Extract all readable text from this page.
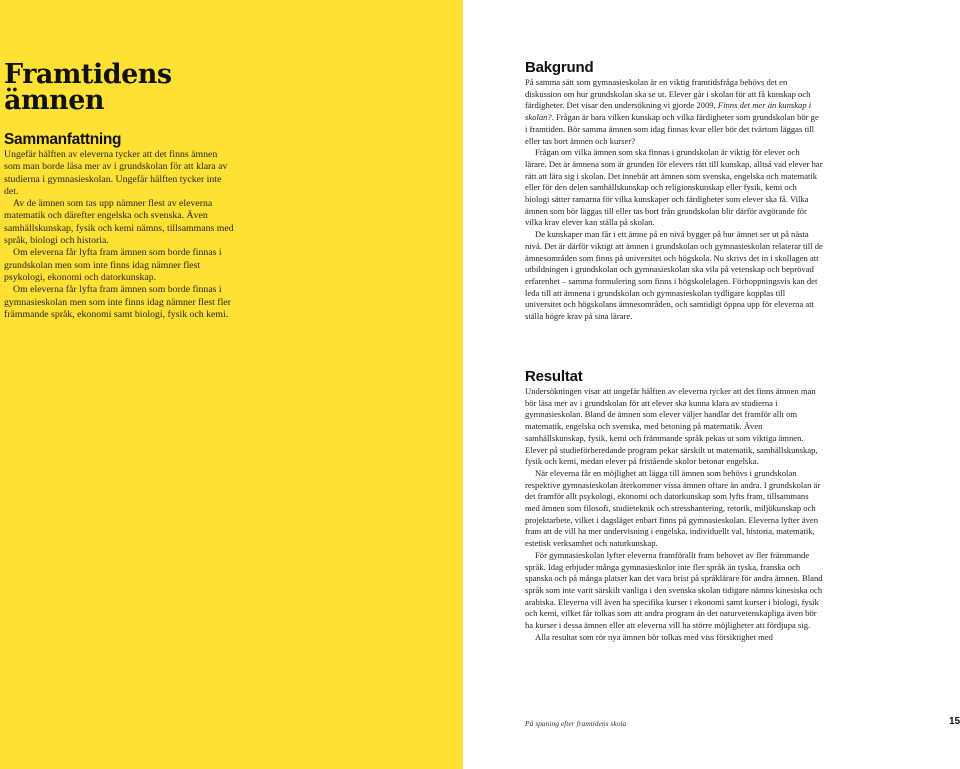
Framtidens ämnen
Sammanfattning

Ungefär hälften av eleverna tycker att det finns ämnen som man borde läsa mer av i grundskolan för att klara av studierna i gymnasieskolan. Ungefär hälften tycker inte det.

Av de ämnen som tas upp nämner flest av eleverna matematik och därefter engelska och svenska. Även samhällskunskap, fysik och kemi nämns, tillsammans med språk, biologi och historia.

Om eleverna får lyfta fram ämnen som borde finnas i grundskolan men som inte finns idag nämner flest psykologi, ekonomi och datorkunskap.

Om eleverna får lyfta fram ämnen som borde finnas i gymnasieskolan men som inte finns idag nämner flest fler främmande språk, ekonomi samt biologi, fysik och kemi.

Bakgrund

På samma sätt som gymnasieskolan är en viktig framtidsfråga behövs det en diskussion om hur grundskolan ska se ut. Elever går i skolan för att få kunskap och färdigheter. Det visar den undersökning vi gjorde 2009, Finns det mer än kunskap i skolan?. Frågan är bara vilken kunskap och vilka färdigheter som grundskolan bör ge i framtiden. Bör samma ämnen som idag finnas kvar eller bör det tvärtom läggas till eller tas bort ämnen och kurser?

Frågan om vilka ämnen som ska finnas i grundskolan är viktig för elever och lärare. Det är ämnena som är grunden för elevers rätt till kunskap, alltså vad elever har rätt att lära sig i skolan. Det innebär att ämnen som svenska, engelska och matematik eller för den delen samhällskunskap och religionskunskap eller fysik, kemi och biologi sätter ramarna för vilka kunskaper och färdigheter som elever ska få. Vilka ämnen som bör läggas till eller tas bort från grundskolan blir därför avgörande för vilka krav elever kan ställa på skolan.

De kunskaper man får i ett ämne på en nivå bygger på hur ämnet ser ut på nästa nivå. Det är därför viktigt att ämnen i grundskolan och gymnasieskolan relaterar till de ämnesområden som finns på universitet och högskola. Nu skrivs det in i skollagen att utbildningen i grundskolan och gymnasieskolan ska vila på vetenskap och beprövad erfarenhet – samma formulering som finns i högskolelagen. Förhoppningsvis kan det leda till att ämnena i grundskolan och gymnasieskolan tydligare kopplas till universitet och högskolans ämnesområden, och samtidigt öppna upp för eleverna att ställa högre krav på sina lärare.

Resultat

Undersökningen visar att ungefär hälften av eleverna tycker att det finns ämnen man bör läsa mer av i grundskolan för att elever ska kunna klara av studierna i gymnasieskolan. Bland de ämnen som elever väljer handlar det framför allt om matematik, engelska och svenska, med betoning på matematik. Även samhällskunskap, fysik, kemi och främmande språk pekas ut som viktiga ämnen. Elever på studieförberedande program pekar särskilt ut matematik, samhällskunskap, fysik och kemi, medan elever på fristående skolor betonar engelska.

När eleverna får en möjlighet att lägga till ämnen som behövs i grundskolan respektive gymnasieskolan återkommer vissa ämnen oftare än andra. I grundskolan är det framför allt psykologi, ekonomi och datorkunskap som lyfts fram, tillsammans med ämnen som filosofi, studieteknik och stresshantering, retorik, miljökunskap och projektarbete, vilket i dagsläget enbart finns på gymnasieskolan. Eleverna lyfter även fram att de vill ha mer undervisning i engelska, individuellt val, historia, matematik, estetisk verksamhet och naturkunskap.

För gymnasieskolan lyfter eleverna framförallt fram behovet av fler främmande språk. Idag erbjuder många gymnasieskolor inte fler språk än tyska, franska och spanska och på många platser kan det vara brist på språklärare för andra ämnen. Bland språk som inte varit särskilt vanliga i den svenska skolan tidigare nämns kinesiska och arabiska. Eleverna vill även ha specifika kurser i ekonomi samt kurser i biologi, fysik och kemi, vilket får tolkas som att andra program än det naturvetenskapliga även bör ha kurser i dessa ämnen eller att eleverna vill ha större möjligheter att fördjupa sig.

Alla resultat som rör nya ämnen bör tolkas med viss försiktighet med

På spaning efter framtidens skola	15
